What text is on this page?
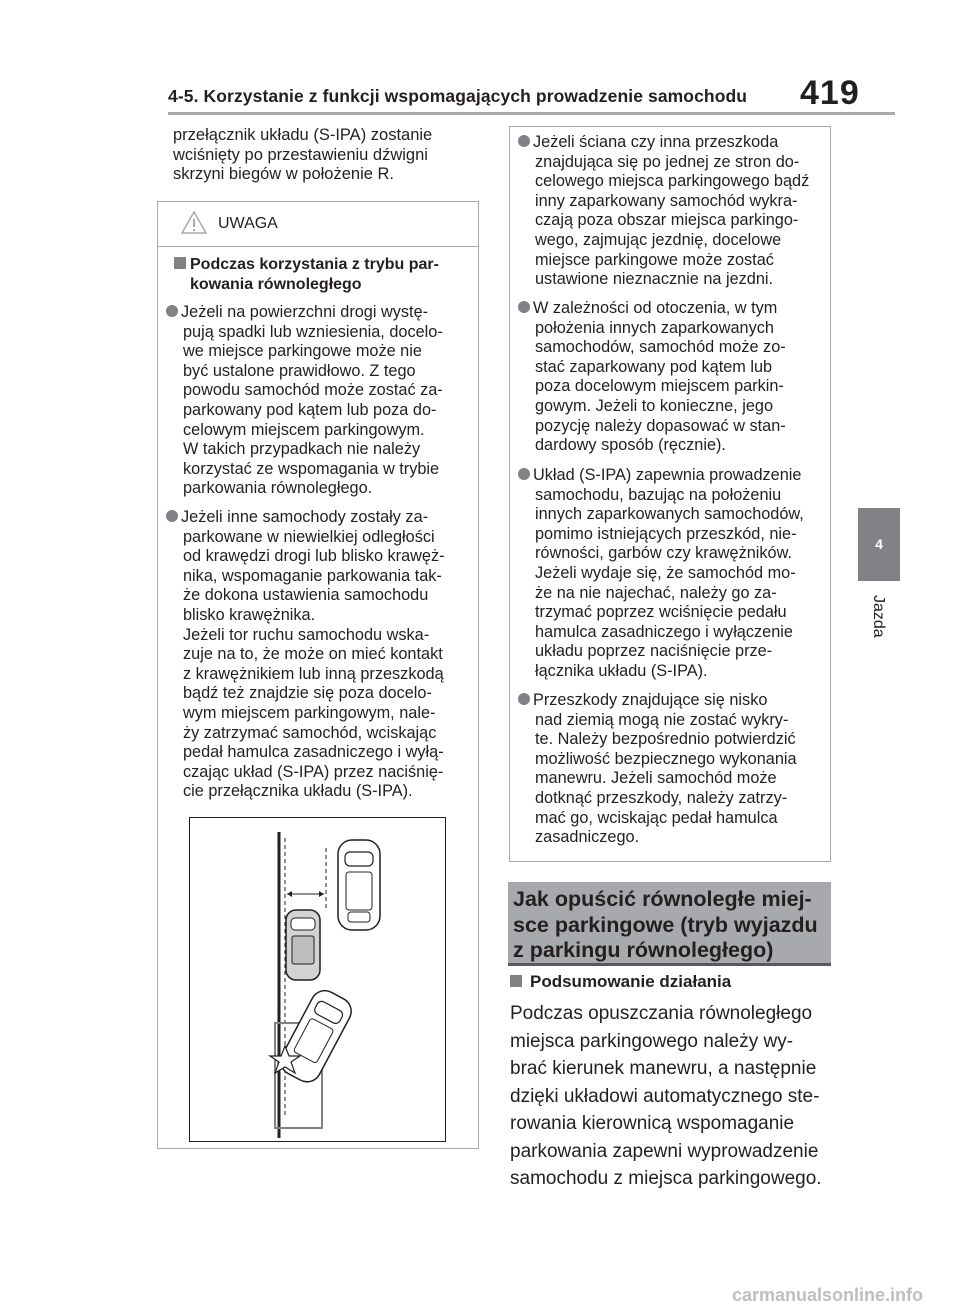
4-5. Korzystanie z funkcji wspomagających prowadzenie samochodu 419
4
Jazda
przełącznik układu (S-IPA) zostanie
wciśnięty po przestawieniu dźwigni
skrzyni biegów w położenie R.
UWAGA
Podczas korzystania z trybu par-
kowania równoległego
Jeżeli na powierzchni drogi wystę-
pują spadki lub wzniesienia, docelo-
we miejsce parkingowe może nie
być ustalone prawidłowo. Z tego
powodu samochód może zostać za-
parkowany pod kątem lub poza do-
celowym miejscem parkingowym.
W takich przypadkach nie należy
korzystać ze wspomagania w trybie
parkowania równoległego.
Jeżeli inne samochody zostały za-
parkowane w niewielkiej odległości
od krawędzi drogi lub blisko krawęż-
nika, wspomaganie parkowania tak-
że dokona ustawienia samochodu
blisko krawężnika.
Jeżeli tor ruchu samochodu wska-
zuje na to, że może on mieć kontakt
z krawężnikiem lub inną przeszkodą
bądź też znajdzie się poza docelo-
wym miejscem parkingowym, nale-
ży zatrzymać samochód, wciskając
pedał hamulca zasadniczego i wyłą-
czając układ (S-IPA) przez naciśnię-
cie przełącznika układu (S-IPA).
Jeżeli ściana czy inna przeszkoda
znajdująca się po jednej ze stron do-
celowego miejsca parkingowego bądź
inny zaparkowany samochód wykra-
czają poza obszar miejsca parkingo-
wego, zajmując jezdnię, docelowe
miejsce parkingowe może zostać
ustawione nieznacznie na jezdni.
W zależności od otoczenia, w tym
położenia innych zaparkowanych
samochodów, samochód może zo-
stać zaparkowany pod kątem lub
poza docelowym miejscem parkin-
gowym. Jeżeli to konieczne, jego
pozycję należy dopasować w stan-
dardowy sposób (ręcznie).
Układ (S-IPA) zapewnia prowadzenie
samochodu, bazując na położeniu
innych zaparkowanych samochodów,
pomimo istniejących przeszkód, nie-
równości, garbów czy krawężników.
Jeżeli wydaje się, że samochód mo-
że na nie najechać, należy go za-
trzymać poprzez wciśnięcie pedału
hamulca zasadniczego i wyłączenie
układu poprzez naciśnięcie prze-
łącznika układu (S-IPA).
Przeszkody znajdujące się nisko
nad ziemią mogą nie zostać wykry-
te. Należy bezpośrednio potwierdzić
możliwość bezpiecznego wykonania
manewru. Jeżeli samochód może
dotknąć przeszkody, należy zatrzy-
mać go, wciskając pedał hamulca
zasadniczego.
Jak opuścić równoległe miej-
sce parkingowe (tryb wyjazdu
z parkingu równoległego)
Podsumowanie działania
Podczas opuszczania równoległego
miejsca parkingowego należy wy-
brać kierunek manewru, a następnie
dzięki układowi automatycznego ste-
rowania kierownicą wspomaganie
parkowania zapewni wyprowadzenie
samochodu z miejsca parkingowego.
carmanualsonline.info
